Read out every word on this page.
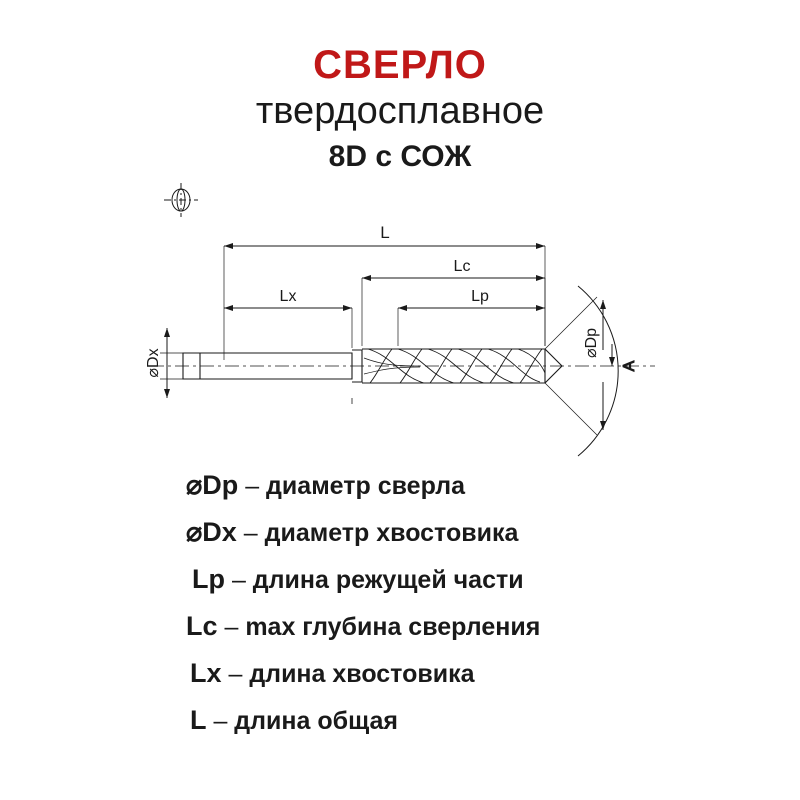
СВЕРЛО
твердосплавное
8D с СОЖ
L
Lc
Lx	Lp
⌀Dx
⌀Dp
A
⌀Dp – диаметр сверла
⌀Dx – диаметр хвостовика
Lp – длина режущей части
Lc – max глубина сверления
Lx – длина хвостовика
L – длина общая
